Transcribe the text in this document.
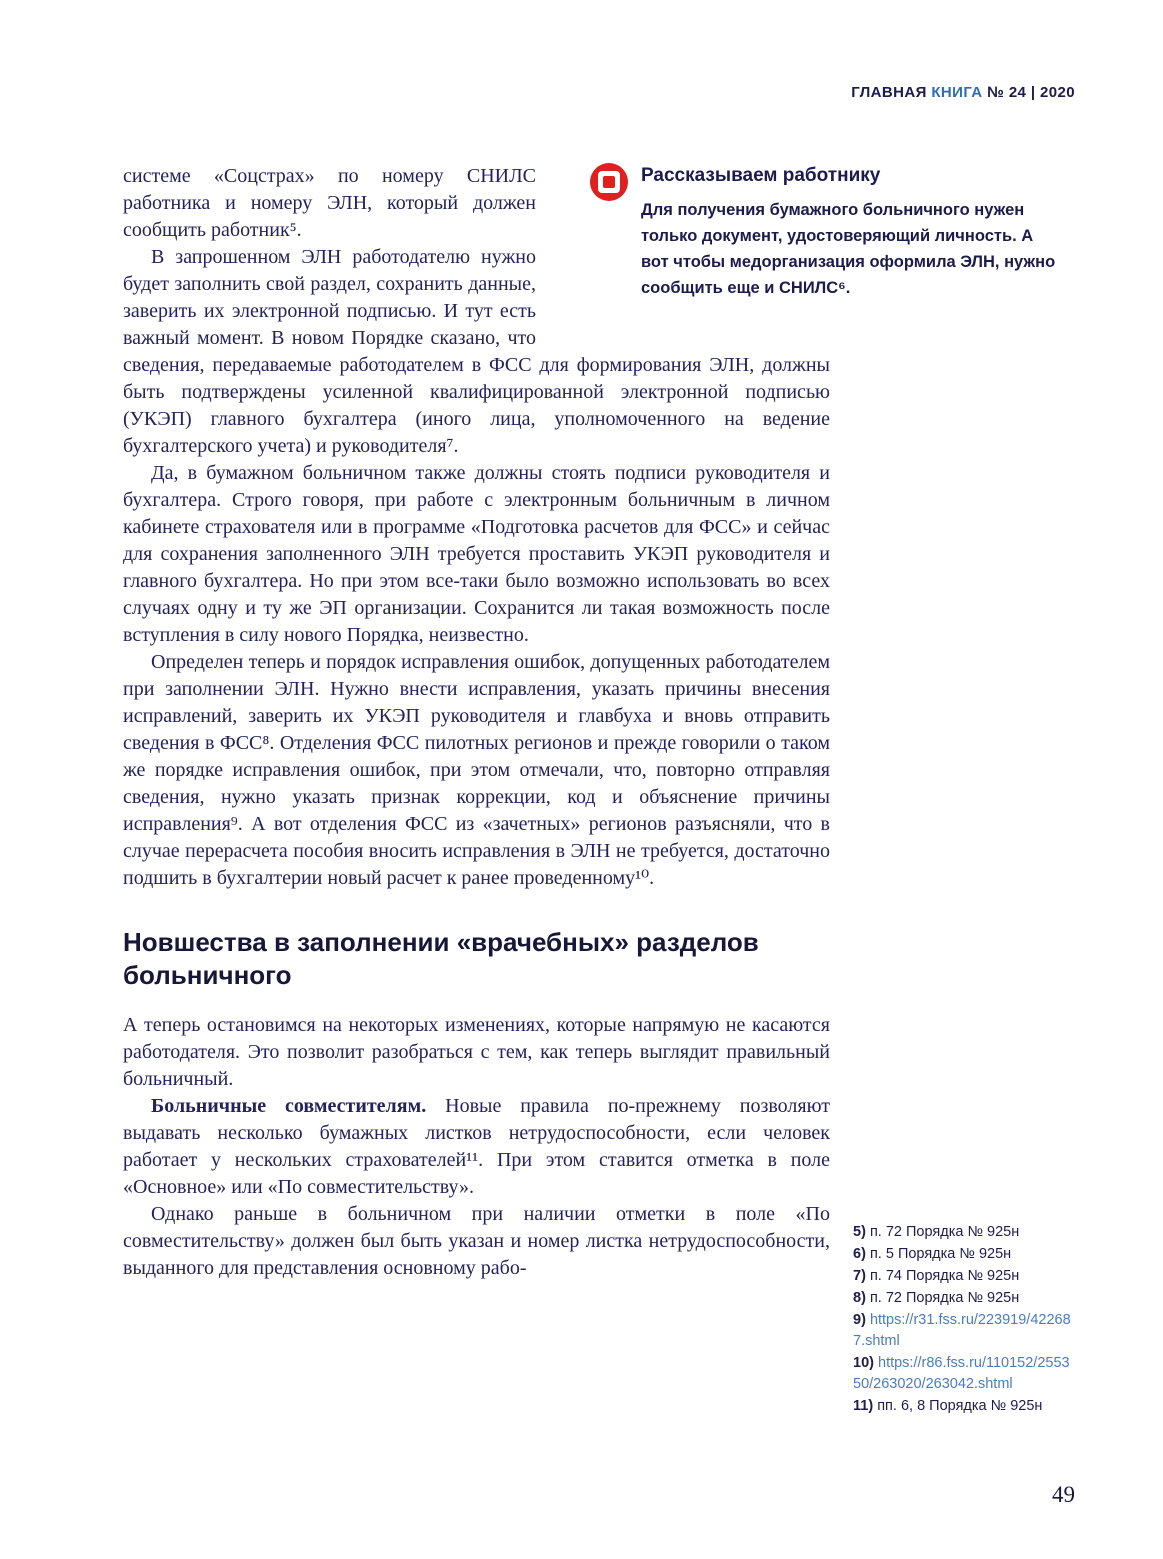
ГЛАВНАЯ КНИГА № 24 | 2020
Рассказываем работнику
Для получения бумажного больничного нужен только документ, удостоверяющий личность. А вот чтобы медорганизация оформила ЭЛН, нужно сообщить еще и СНИЛС⁶.

системе «Соцстрах» по номеру СНИЛС работника и номеру ЭЛН, который должен сообщить работник⁵.

В запрошенном ЭЛН работодателю нужно будет заполнить свой раздел, сохранить данные, заверить их электронной подписью. И тут есть важный момент. В новом Порядке сказано, что сведения, передаваемые работодателем в ФСС для формирования ЭЛН, должны быть подтверждены усиленной квалифицированной электронной подписью (УКЭП) главного бухгалтера (иного лица, уполномоченного на ведение бухгалтерского учета) и руководителя⁷.

Да, в бумажном больничном также должны стоять подписи руководителя и бухгалтера. Строго говоря, при работе с электронным больничным в личном кабинете страхователя или в программе «Подготовка расчетов для ФСС» и сейчас для сохранения заполненного ЭЛН требуется проставить УКЭП руководителя и главного бухгалтера. Но при этом все-таки было возможно использовать во всех случаях одну и ту же ЭП организации. Сохранится ли такая возможность после вступления в силу нового Порядка, неизвестно.

Определен теперь и порядок исправления ошибок, допущенных работодателем при заполнении ЭЛН. Нужно внести исправления, указать причины внесения исправлений, заверить их УКЭП руководителя и главбуха и вновь отправить сведения в ФСС⁸. Отделения ФСС пилотных регионов и прежде говорили о таком же порядке исправления ошибок, при этом отмечали, что, повторно отправляя сведения, нужно указать признак коррекции, код и объяснение причины исправления⁹. А вот отделения ФСС из «зачетных» регионов разъясняли, что в случае перерасчета пособия вносить исправления в ЭЛН не требуется, достаточно подшить в бухгалтерии новый расчет к ранее проведенному¹⁰.

Новшества в заполнении «врачебных» разделов больничного

А теперь остановимся на некоторых изменениях, которые напрямую не касаются работодателя. Это позволит разобраться с тем, как теперь выглядит правильный больничный.

Больничные совместителям. Новые правила по-прежнему позволяют выдавать несколько бумажных листков нетрудоспособности, если человек работает у нескольких страхователей¹¹. При этом ставится отметка в поле «Основное» или «По совместительству».

Однако раньше в больничном при наличии отметки в поле «По совместительству» должен был быть указан и номер листка нетрудоспособности, выданного для представления основному рабо-

5) п. 72 Порядка № 925н
6) п. 5 Порядка № 925н
7) п. 74 Порядка № 925н
8) п. 72 Порядка № 925н
9) https://r31.fss.ru/223919/422687.shtml
10) https://r86.fss.ru/110152/255350/263020/263042.shtml
11) пп. 6, 8 Порядка № 925н
49
